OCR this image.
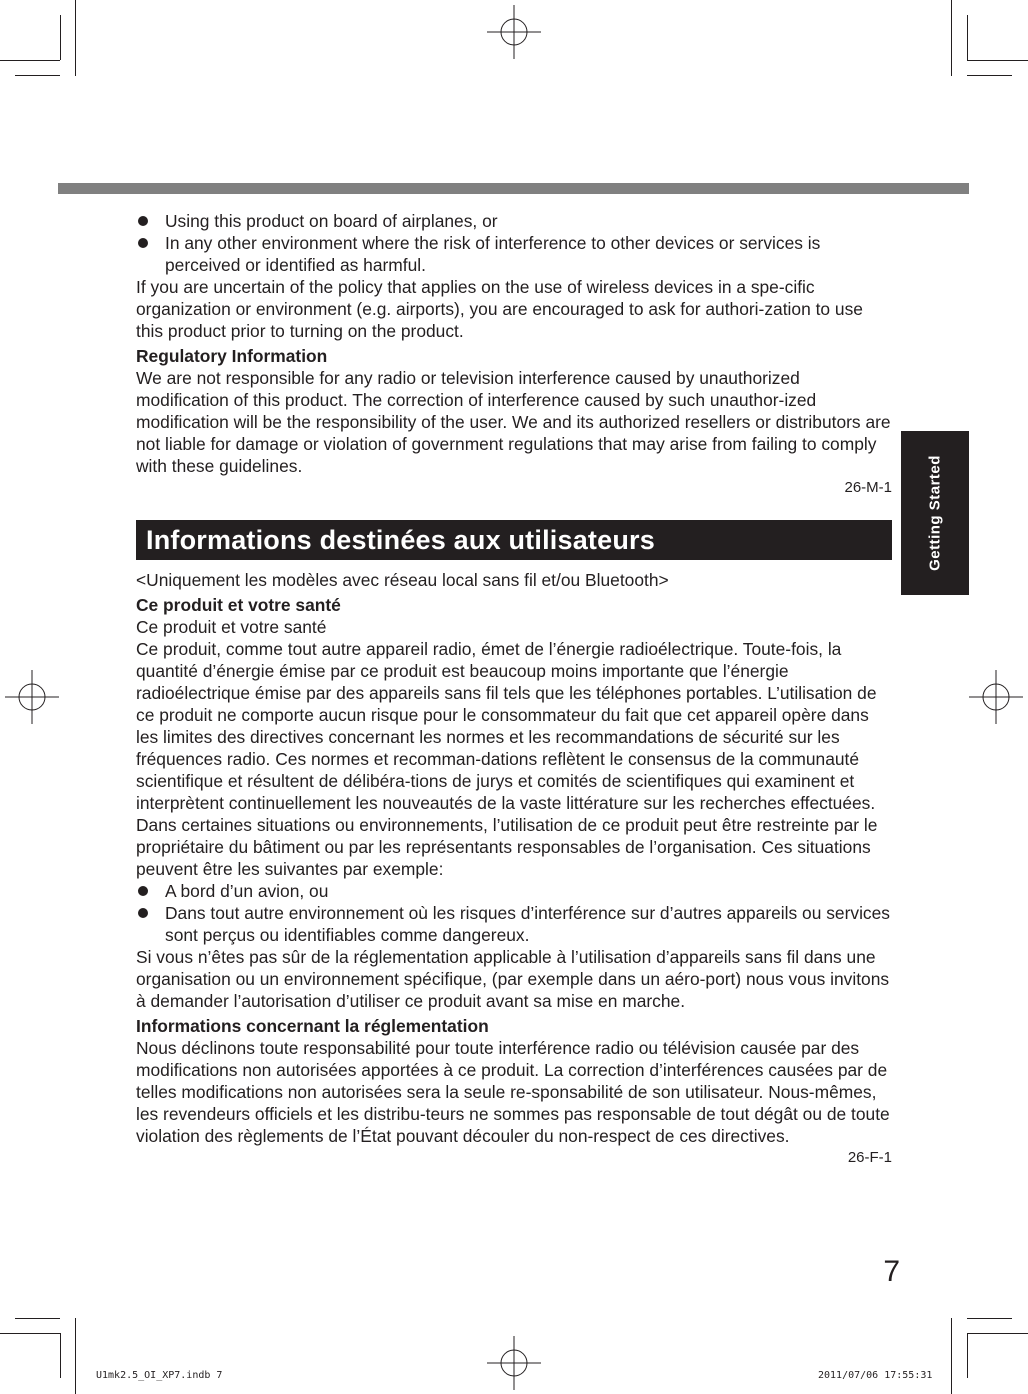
Getting Started

Using this product on board of airplanes, or

In any other environment where the risk of interference to other devices or services is perceived or identified as harmful.

If you are uncertain of the policy that applies on the use of wireless devices in a spe-cific organization or environment (e.g. airports), you are encouraged to ask for authori-zation to use this product prior to turning on the product.

Regulatory Information

We are not responsible for any radio or television interference caused by unauthorized modification of this product. The correction of interference caused by such unauthor-ized modification will be the responsibility of the user. We and its authorized resellers or distributors are not liable for damage or violation of government regulations that may arise from failing to comply with these guidelines.

26-M-1

Informations destinées aux utilisateurs

<Uniquement les modèles avec réseau local sans fil et/ou Bluetooth>

Ce produit et votre santé

Ce produit et votre santé

Ce produit, comme tout autre appareil radio, émet de l’énergie radioélectrique. Toute-fois, la quantité d’énergie émise par ce produit est beaucoup moins importante que l’énergie radioélectrique émise par des appareils sans fil tels que les téléphones portables. L’utilisation de ce produit ne comporte aucun risque pour le consommateur du fait que cet appareil opère dans les limites des directives concernant les normes et les recommandations de sécurité sur les fréquences radio. Ces normes et recomman-dations reflètent le consensus de la communauté scientifique et résultent de délibéra-tions de jurys et comités de scientifiques qui examinent et interprètent continuellement les nouveautés de la vaste littérature sur les recherches effectuées. Dans certaines situations ou environnements, l’utilisation de ce produit peut être restreinte par le propriétaire du bâtiment ou par les représentants responsables de l’organisation. Ces situations peuvent être les suivantes par exemple:

A bord d’un avion, ou

Dans tout autre environnement où les risques d’interférence sur d’autres appareils ou services sont perçus ou identifiables comme dangereux.

Si vous n’êtes pas sûr de la réglementation applicable à l’utilisation d’appareils sans fil dans une organisation ou un environnement spécifique, (par exemple dans un aéro-port) nous vous invitons à demander l’autorisation d’utiliser ce produit avant sa mise en marche.

Informations concernant la réglementation

Nous déclinons toute responsabilité pour toute interférence radio ou télévision causée par des modifications non autorisées apportées à ce produit. La correction d’interférences causées par de telles modifications non autorisées sera la seule re-sponsabilité de son utilisateur. Nous-mêmes, les revendeurs officiels et les distribu-teurs ne sommes pas responsable de tout dégât ou de toute violation des règlements de l’État pouvant découler du non-respect de ces directives.

26-F-1

7
U1mk2.5_OI_XP7.indb 7	2011/07/06 17:55:31
